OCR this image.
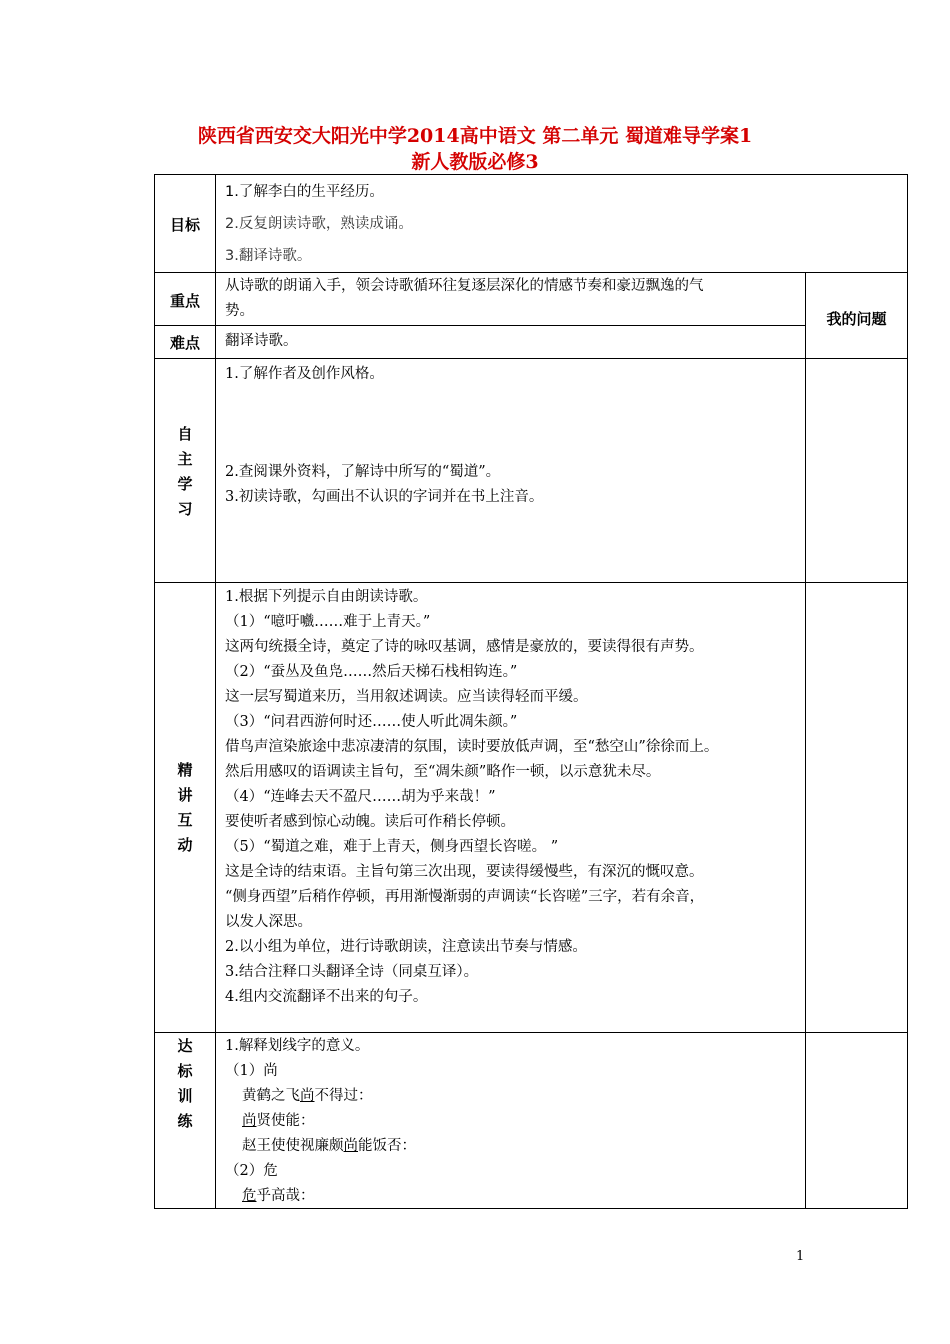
陕西省西安交大阳光中学2014高中语文 第二单元 蜀道难导学案1
新人教版必修3
目标
重点
难点
我的问题
自
主
学
习
精
讲
互
动
达
标
训
练
1.了解李白的生平经历。
2.反复朗读诗歌，熟读成诵。
3.翻译诗歌。
从诗歌的朗诵入手，领会诗歌循环往复逐层深化的情感节奏和豪迈飘逸的气
势。
翻译诗歌。
1.了解作者及创作风格。
2.查阅课外资料，了解诗中所写的“蜀道”。
3.初读诗歌，勾画出不认识的字词并在书上注音。
1.根据下列提示自由朗读诗歌。
（1）“噫吁嚱……难于上青天。”
这两句统摄全诗，奠定了诗的咏叹基调，感情是豪放的，要读得很有声势。
（2）“蚕丛及鱼凫……然后天梯石栈相钩连。”
这一层写蜀道来历，当用叙述调读。应当读得轻而平缓。
（3）“问君西游何时还……使人听此凋朱颜。”
借鸟声渲染旅途中悲凉凄清的氛围，读时要放低声调，至“愁空山”徐徐而上。
然后用感叹的语调读主旨句，至“凋朱颜”略作一顿，以示意犹未尽。
（4）“连峰去天不盈尺……胡为乎来哉！”
要使听者感到惊心动魄。读后可作稍长停顿。
（5）“蜀道之难，难于上青天，侧身西望长咨嗟。 ”
这是全诗的结束语。主旨句第三次出现，要读得缓慢些，有深沉的慨叹意。
“侧身西望”后稍作停顿，再用渐慢渐弱的声调读“长咨嗟”三字，若有余音，
以发人深思。
2.以小组为单位，进行诗歌朗读，注意读出节奏与情感。
3.结合注释口头翻译全诗（同桌互译）。
4.组内交流翻译不出来的句子。
1.解释划线字的意义。
（1）尚
黄鹤之飞尚不得过：
尚贤使能：
赵王使使视廉颇尚能饭否：
（2）危
危乎高哉：
1
